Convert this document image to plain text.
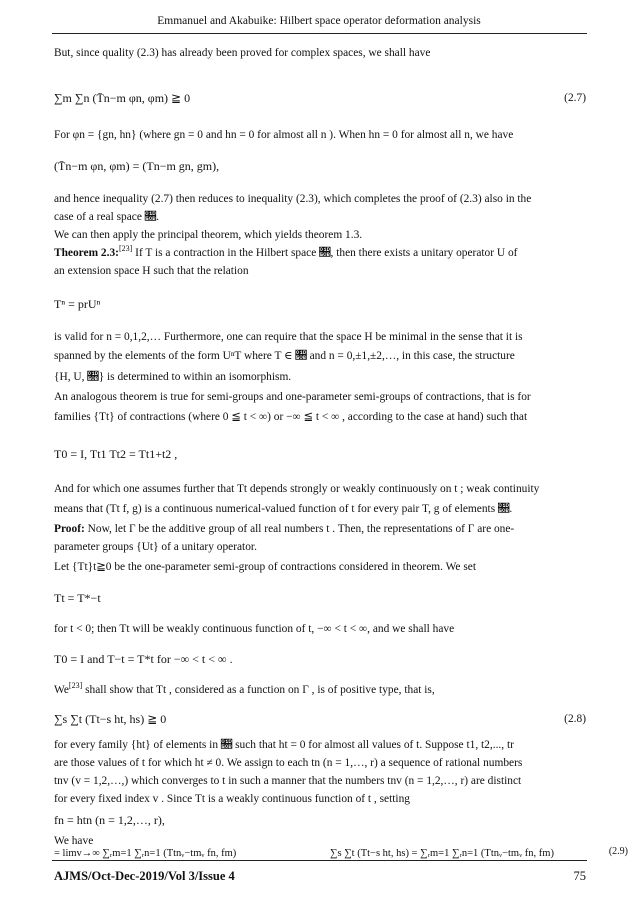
Emmanuel and Akabuike: Hilbert space operator deformation analysis
But, since quality (2.3) has already been proved for complex spaces, we shall have
∑m ∑n (T̄n−m φn, φm) ≧ 0	(2.7)
For φn = {gn, hn} (where gn = 0 and hn = 0 for almost all n ). When hn = 0 for almost all n, we have
(T̄n−m φn, φm) = (Tn−m gn, gm),
and hence inequality (2.7) then reduces to inequality (2.3), which completes the proof of (2.3) also in the
case of a real space 𝔋.
We can then apply the principal theorem, which yields theorem 1.3.
Theorem 2.3:[23] If T is a contraction in the Hilbert space 𝔋, then there exists a unitary operator U of
an extension space H such that the relation
Tⁿ = prUⁿ
is valid for n = 0,1,2,… Furthermore, one can require that the space H be minimal in the sense that it is
spanned by the elements of the form UⁿT where T ∈ 𝔋 and n = 0,±1,±2,…, in this case, the structure
{H, U, 𝔋} is determined to within an isomorphism.
An analogous theorem is true for semi-groups and one-parameter semi-groups of contractions, that is for
families {Tt} of contractions (where 0 ≦ t < ∞) or −∞ ≦ t < ∞ , according to the case at hand) such that
T0 = I, Tt1 Tt2 = Tt1+t2 ,
And for which one assumes further that Tt depends strongly or weakly continuously on t ; weak continuity
means that (Tt f, g) is a continuous numerical-valued function of t for every pair T, g of elements 𝔋.
Proof: Now, let Γ be the additive group of all real numbers t . Then, the representations of Γ are one-
parameter groups {Ut} of a unitary operator.
Let {Tt}t≧0 be the one-parameter semi-group of contractions considered in theorem. We set
Tt = T*−t
for t < 0; then Tt will be weakly continuous function of t, −∞ < t < ∞, and we shall have
T0 = I and T−t = T*t for −∞ < t < ∞ .
We[23] shall show that Tt , considered as a function on Γ , is of positive type, that is,
∑s ∑t (Tt−s ht, hs) ≧ 0	(2.8)
for every family {ht} of elements in 𝔋 such that ht = 0 for almost all values of t. Suppose t1, t2,..., tr
are those values of t for which ht ≠ 0. We assign to each tn (n = 1,…, r) a sequence of rational numbers
tnv (v = 1,2,…,) which converges to t in such a manner that the numbers tnv (n = 1,2,…, r) are distinct
for every fixed index v . Since Tt is a weakly continuous function of t , setting
fn = htn (n = 1,2,…, r),
We have
∑s ∑t (Tt−s ht, hs) = ∑ᵣm=1 ∑ᵣn=1 (Ttnᵥ−tmᵥ fn, fm)
= limv→∞ ∑ᵣm=1 ∑ᵣn=1 (Ttnᵥ−tmᵥ fn, fm)	(2.9)
AJMS/Oct-Dec-2019/Vol 3/Issue 4	75
